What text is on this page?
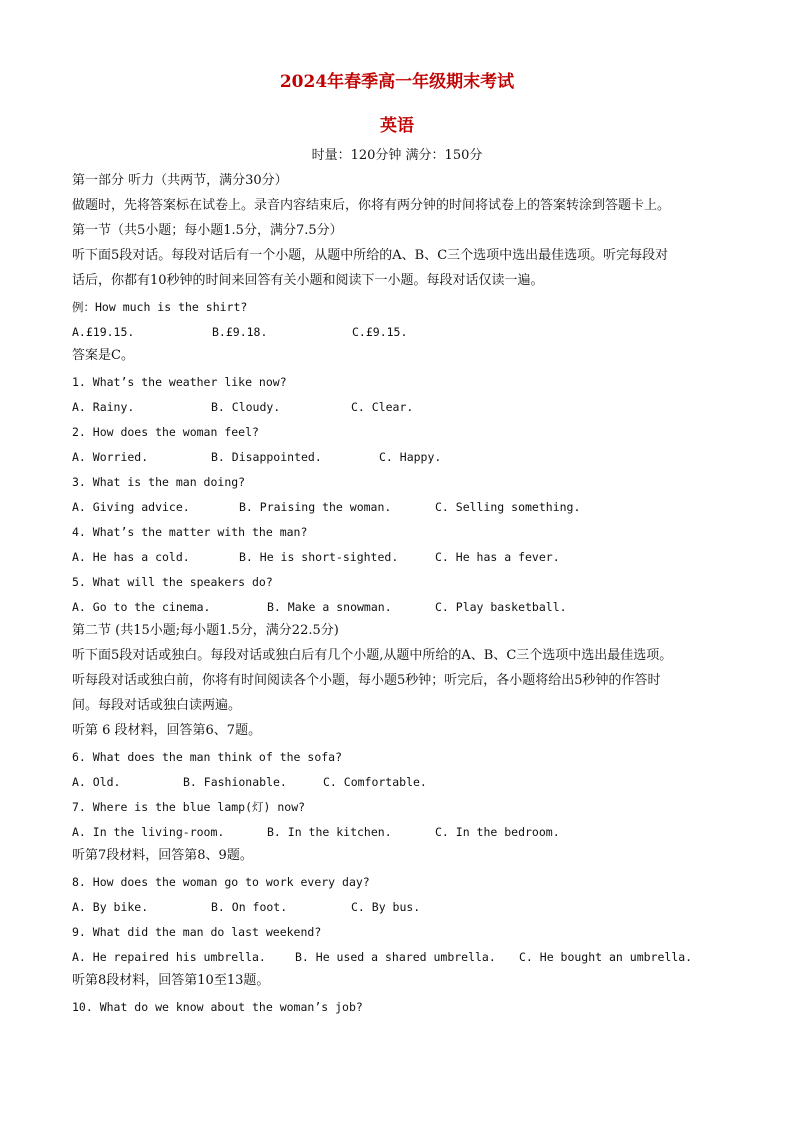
2024年春季高一年级期末考试
英语
时量：120分钟 满分：150分
第一部分 听力（共两节，满分30分）
做题时，先将答案标在试卷上。录音内容结束后，你将有两分钟的时间将试卷上的答案转涂到答题卡上。
第一节（共5小题；每小题1.5分，满分7.5分）
听下面5段对话。每段对话后有一个小题，从题中所给的A、B、C三个选项中选出最佳选项。听完每段对
话后，你都有10秒钟的时间来回答有关小题和阅读下一小题。每段对话仅读一遍。
例：How much is the shirt?
A.£19.15.	B.£9.18.	C.£9.15.
答案是C。
1. What’s the weather like now?
A. Rainy.	B. Cloudy.	C. Clear.
2. How does the woman feel?
A. Worried.	B. Disappointed.	C. Happy.
3. What is the man doing?
A. Giving advice.	B. Praising the woman.	C. Selling something.
4. What’s the matter with the man?
A. He has a cold.	B. He is short-sighted.	C. He has a fever.
5. What will the speakers do?
A. Go to the cinema.	B. Make a snowman.	C. Play basketball.
第二节 (共15小题;每小题1.5分，满分22.5分)
听下面5段对话或独白。每段对话或独白后有几个小题,从题中所给的A、B、C三个选项中选出最佳选项。
听每段对话或独白前，你将有时间阅读各个小题，每小题5秒钟；听完后，各小题将给出5秒钟的作答时
间。每段对话或独白读两遍。
听第 6 段材料，回答第6、7题。
6. What does the man think of the sofa?
A. Old.	B. Fashionable.	C. Comfortable.
7. Where is the blue lamp(灯) now?
A. In the living-room.	B. In the kitchen.	C. In the bedroom.
听第7段材料，回答第8、9题。
8. How does the woman go to work every day?
A. By bike.	B. On foot.	C. By bus.
9. What did the man do last weekend?
A. He repaired his umbrella.	B. He used a shared umbrella. C. He bought an umbrella.
听第8段材料，回答第10至13题。
10. What do we know about the woman’s job?
